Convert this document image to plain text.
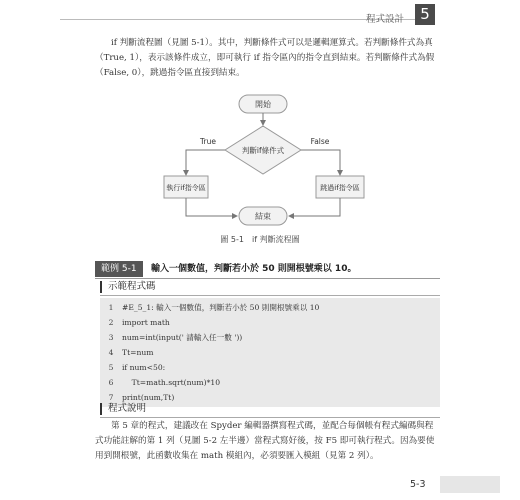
程式設計	5
if 判斷流程圖（見圖 5-1）。其中，判斷條件式可以是邏輯運算式。若判斷條件式為真（True, 1），表示該條件成立，即可執行 if 指令區內的指令直到結束。若判斷條件式為假（False, 0），跳過指令區直接到結束。
開始
判斷if條件式
True	False
執行if指令區	跳過if指令區
結束
圖 5-1　if 判斷流程圖
範例 5-1	輸入一個數值，判斷若小於 50 則開根號乘以 10。
示範程式碼
1 #E_5_1: 輸入一個數值，判斷若小於 50 則開根號乘以 10
2 import math
3 num=int(input(' 請輸入任一數 '))
4 Tt=num
5 if num<50:
6    Tt=math.sqrt(num)*10
7 print(num,Tt)
程式說明
第 5 章的程式，建議改在 Spyder 編輯器撰寫程式碼，並配合每個帳有程式編碼與程式功能註解的第 1 列（見圖 5-2 左半邊）當程式寫好後，按 F5 即可執行程式。因為要使用到開根號，此函數收集在 math 模組內，必須要匯入模組（見第 2 列）。
5-3
